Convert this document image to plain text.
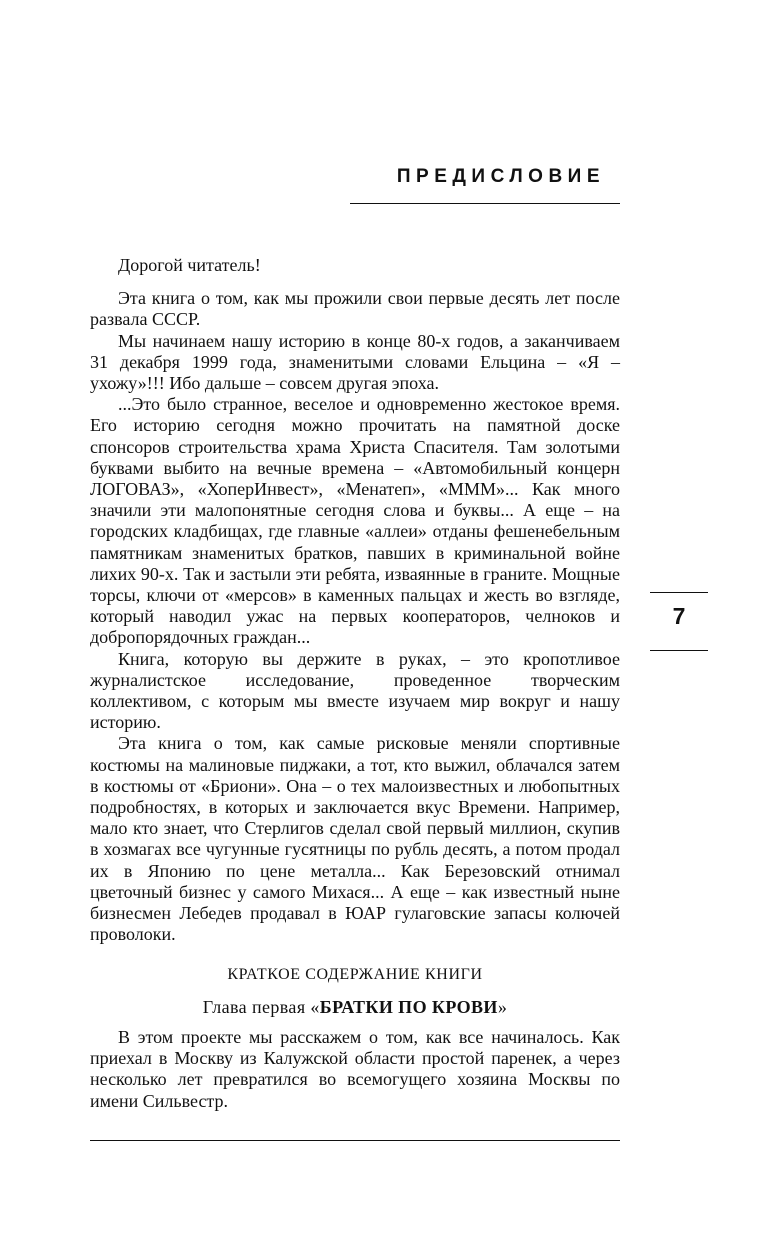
ПРЕДИСЛОВИЕ
7

Дорогой читатель!

Эта книга о том, как мы прожили свои первые десять лет после развала СССР.

Мы начинаем нашу историю в конце 80-х годов, а заканчиваем 31 декабря 1999 года, знаменитыми словами Ельцина – «Я – ухожу»!!! Ибо дальше – совсем другая эпоха.

...Это было странное, веселое и одновременно жестокое время. Его историю сегодня можно прочитать на памятной доске спонсоров строительства храма Христа Спасителя. Там золотыми буквами выбито на вечные времена – «Автомобильный концерн ЛОГОВАЗ», «ХоперИнвест», «Менатеп», «МММ»... Как много значили эти малопонятные сегодня слова и буквы... А еще – на городских кладбищах, где главные «аллеи» отданы фешенебельным памятникам знаменитых братков, павших в криминальной войне лихих 90-х. Так и застыли эти ребята, изваянные в граните. Мощные торсы, ключи от «мерсов» в каменных пальцах и жесть во взгляде, который наводил ужас на первых кооператоров, челноков и добропорядочных граждан...

Книга, которую вы держите в руках, – это кропотливое журналистское исследование, проведенное творческим коллективом, с которым мы вместе изучаем мир вокруг и нашу историю.

Эта книга о том, как самые рисковые меняли спортивные костюмы на малиновые пиджаки, а тот, кто выжил, облачался затем в костюмы от «Бриони». Она – о тех малоизвестных и любопытных подробностях, в которых и заключается вкус Времени. Например, мало кто знает, что Стерлигов сделал свой первый миллион, скупив в хозмагах все чугунные гусятницы по рубль десять, а потом продал их в Японию по цене металла... Как Березовский отнимал цветочный бизнес у самого Михася... А еще – как известный ныне бизнесмен Лебедев продавал в ЮАР гулаговские запасы колючей проволоки.

КРАТКОЕ СОДЕРЖАНИЕ КНИГИ
Глава первая «БРАТКИ ПО КРОВИ»

В этом проекте мы расскажем о том, как все начиналось. Как приехал в Москву из Калужской области простой паренек, а через несколько лет превратился во всемогущего хозяина Москвы по имени Сильвестр.
